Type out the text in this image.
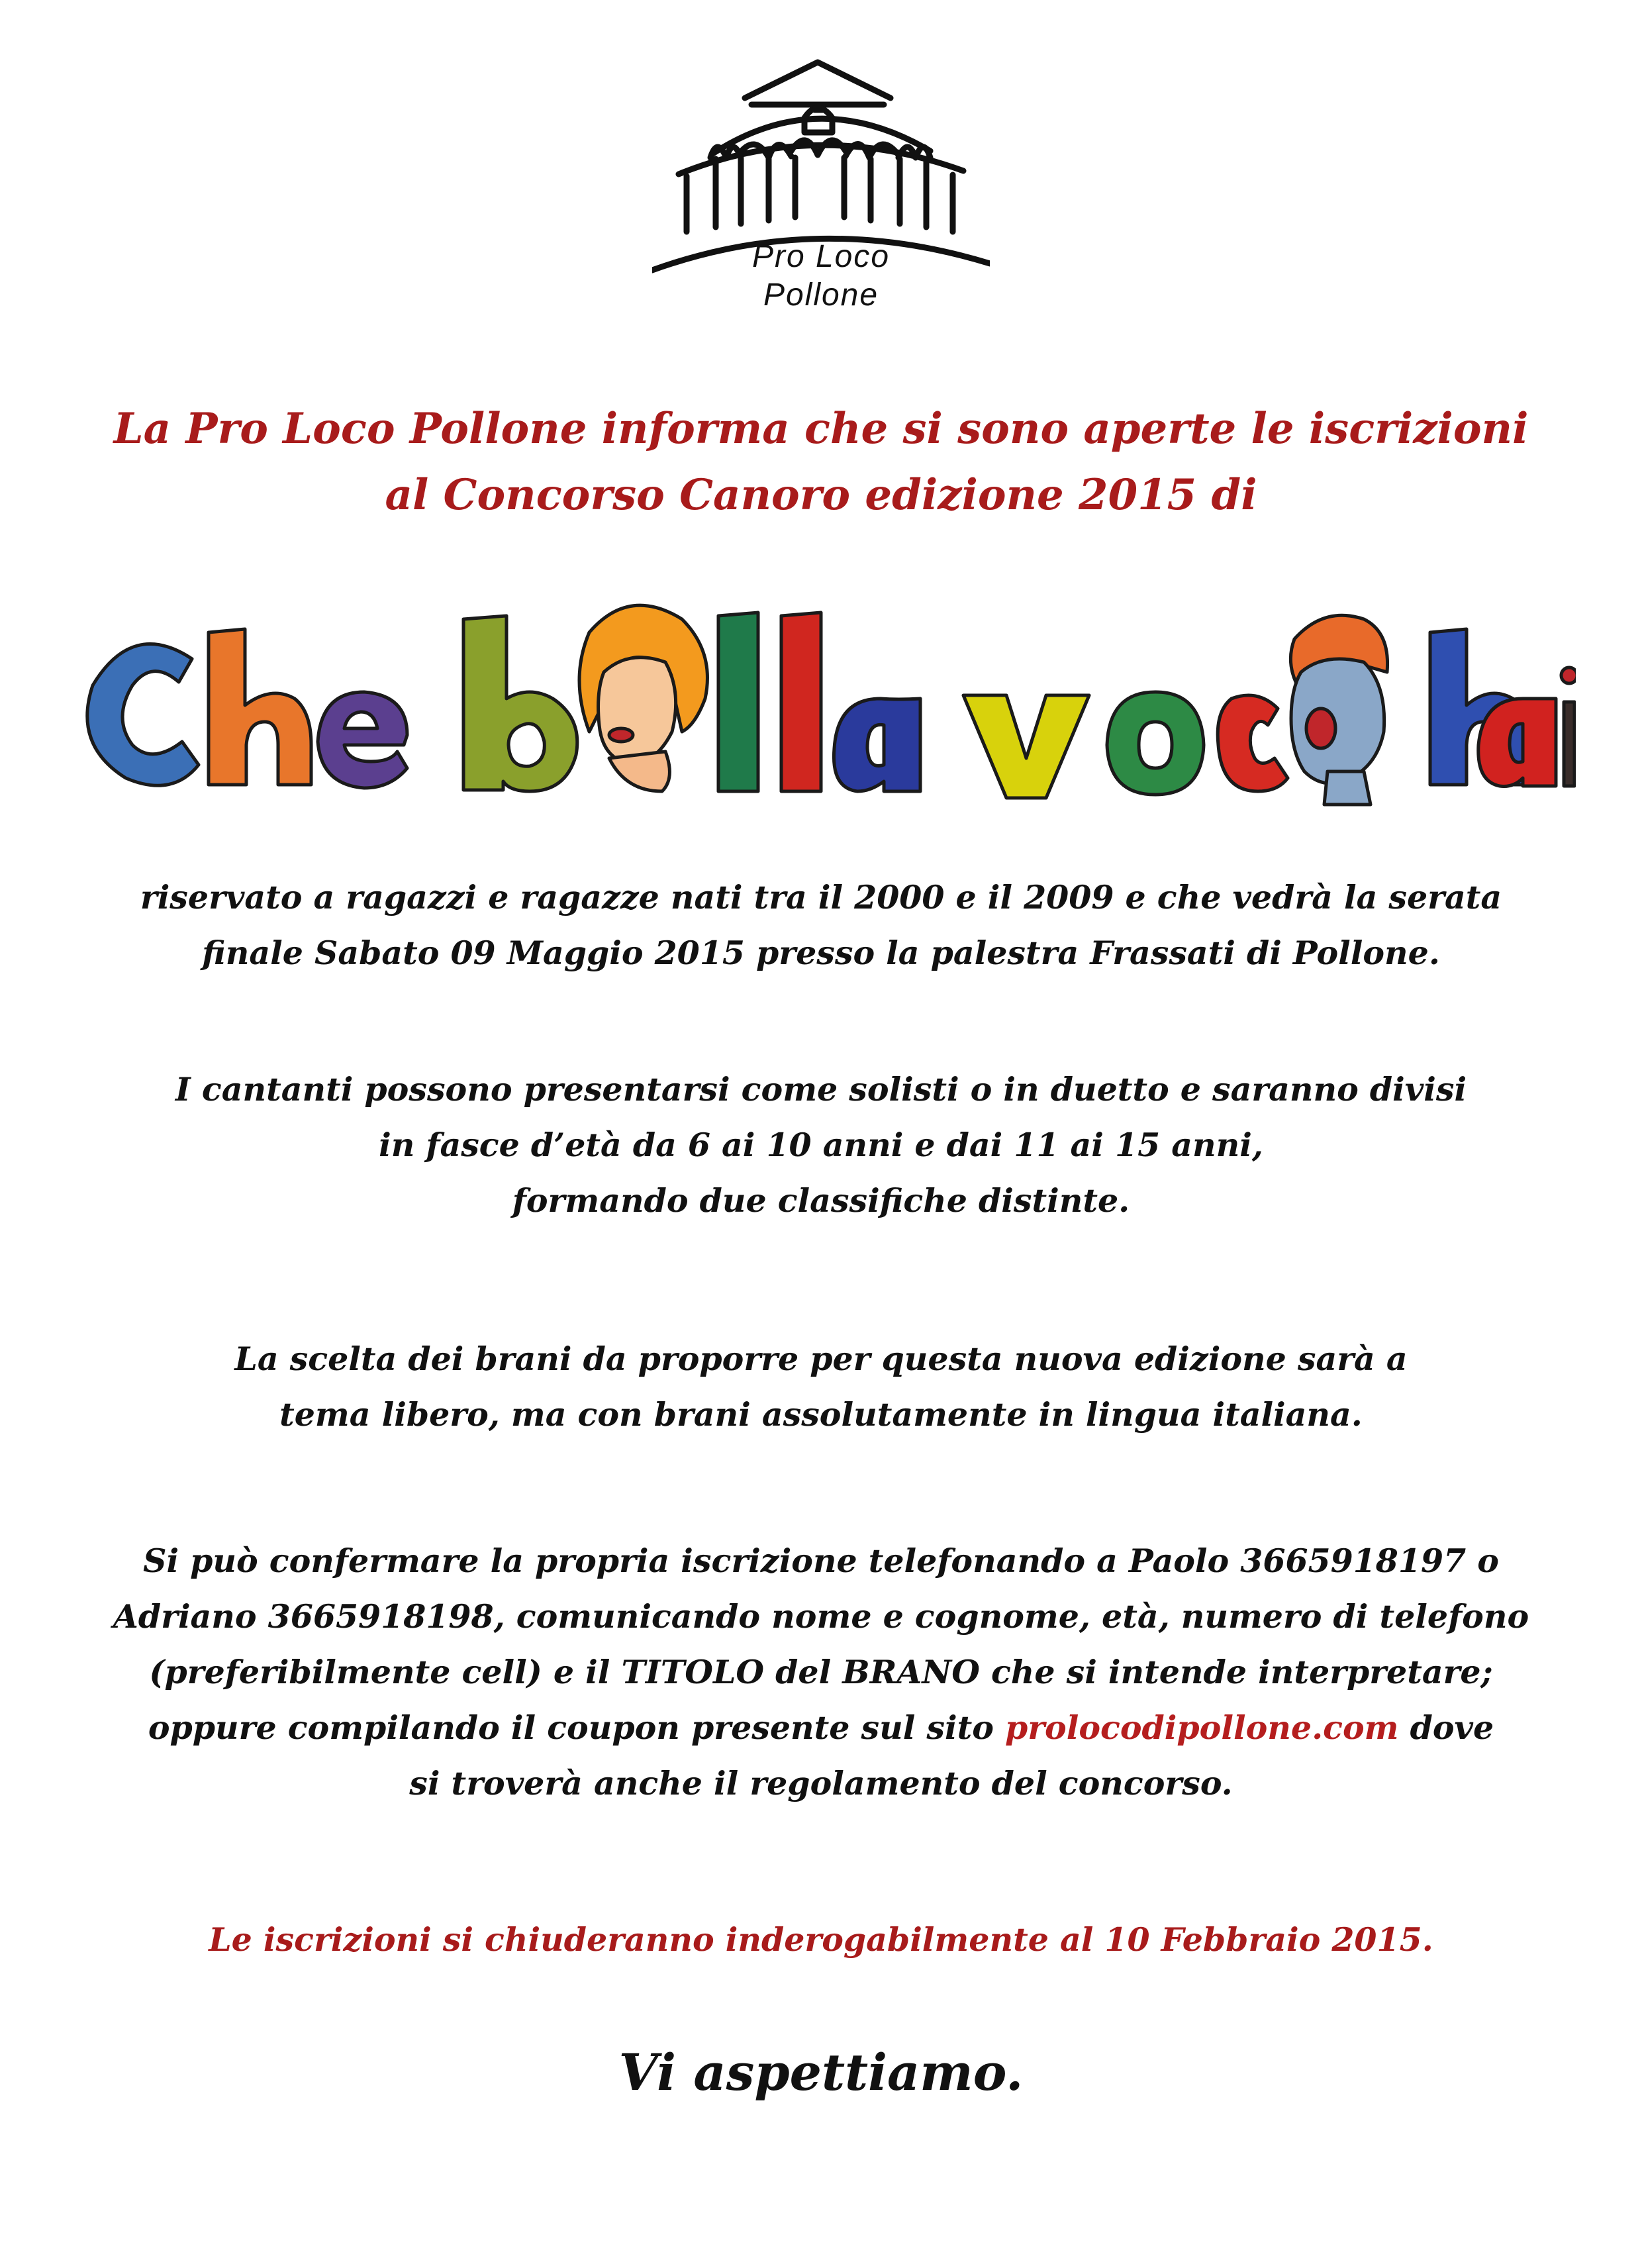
Pro Loco
Pollone
La Pro Loco Pollone informa che si sono aperte le iscrizioni
al Concorso Canoro edizione 2015 di
riservato a ragazzi e ragazze nati tra il 2000 e il 2009 e che vedrà la serata
finale Sabato 09 Maggio 2015 presso la palestra Frassati di Pollone.
I cantanti possono presentarsi come solisti o in duetto e saranno divisi
in fasce d’età da 6 ai 10 anni e dai 11 ai 15 anni,
formando due classifiche distinte.
La scelta dei brani da proporre per questa nuova edizione sarà a
tema libero, ma con brani assolutamente in lingua italiana.
Si può confermare la propria iscrizione telefonando a Paolo 3665918197 o
Adriano 3665918198, comunicando nome e cognome, età, numero di telefono
(preferibilmente cell) e il TITOLO del BRANO che si intende interpretare;
oppure compilando il coupon presente sul sito prolocodipollone.com dove
si troverà anche il regolamento del concorso.
Le iscrizioni si chiuderanno inderogabilmente al 10 Febbraio 2015.
Vi aspettiamo.
